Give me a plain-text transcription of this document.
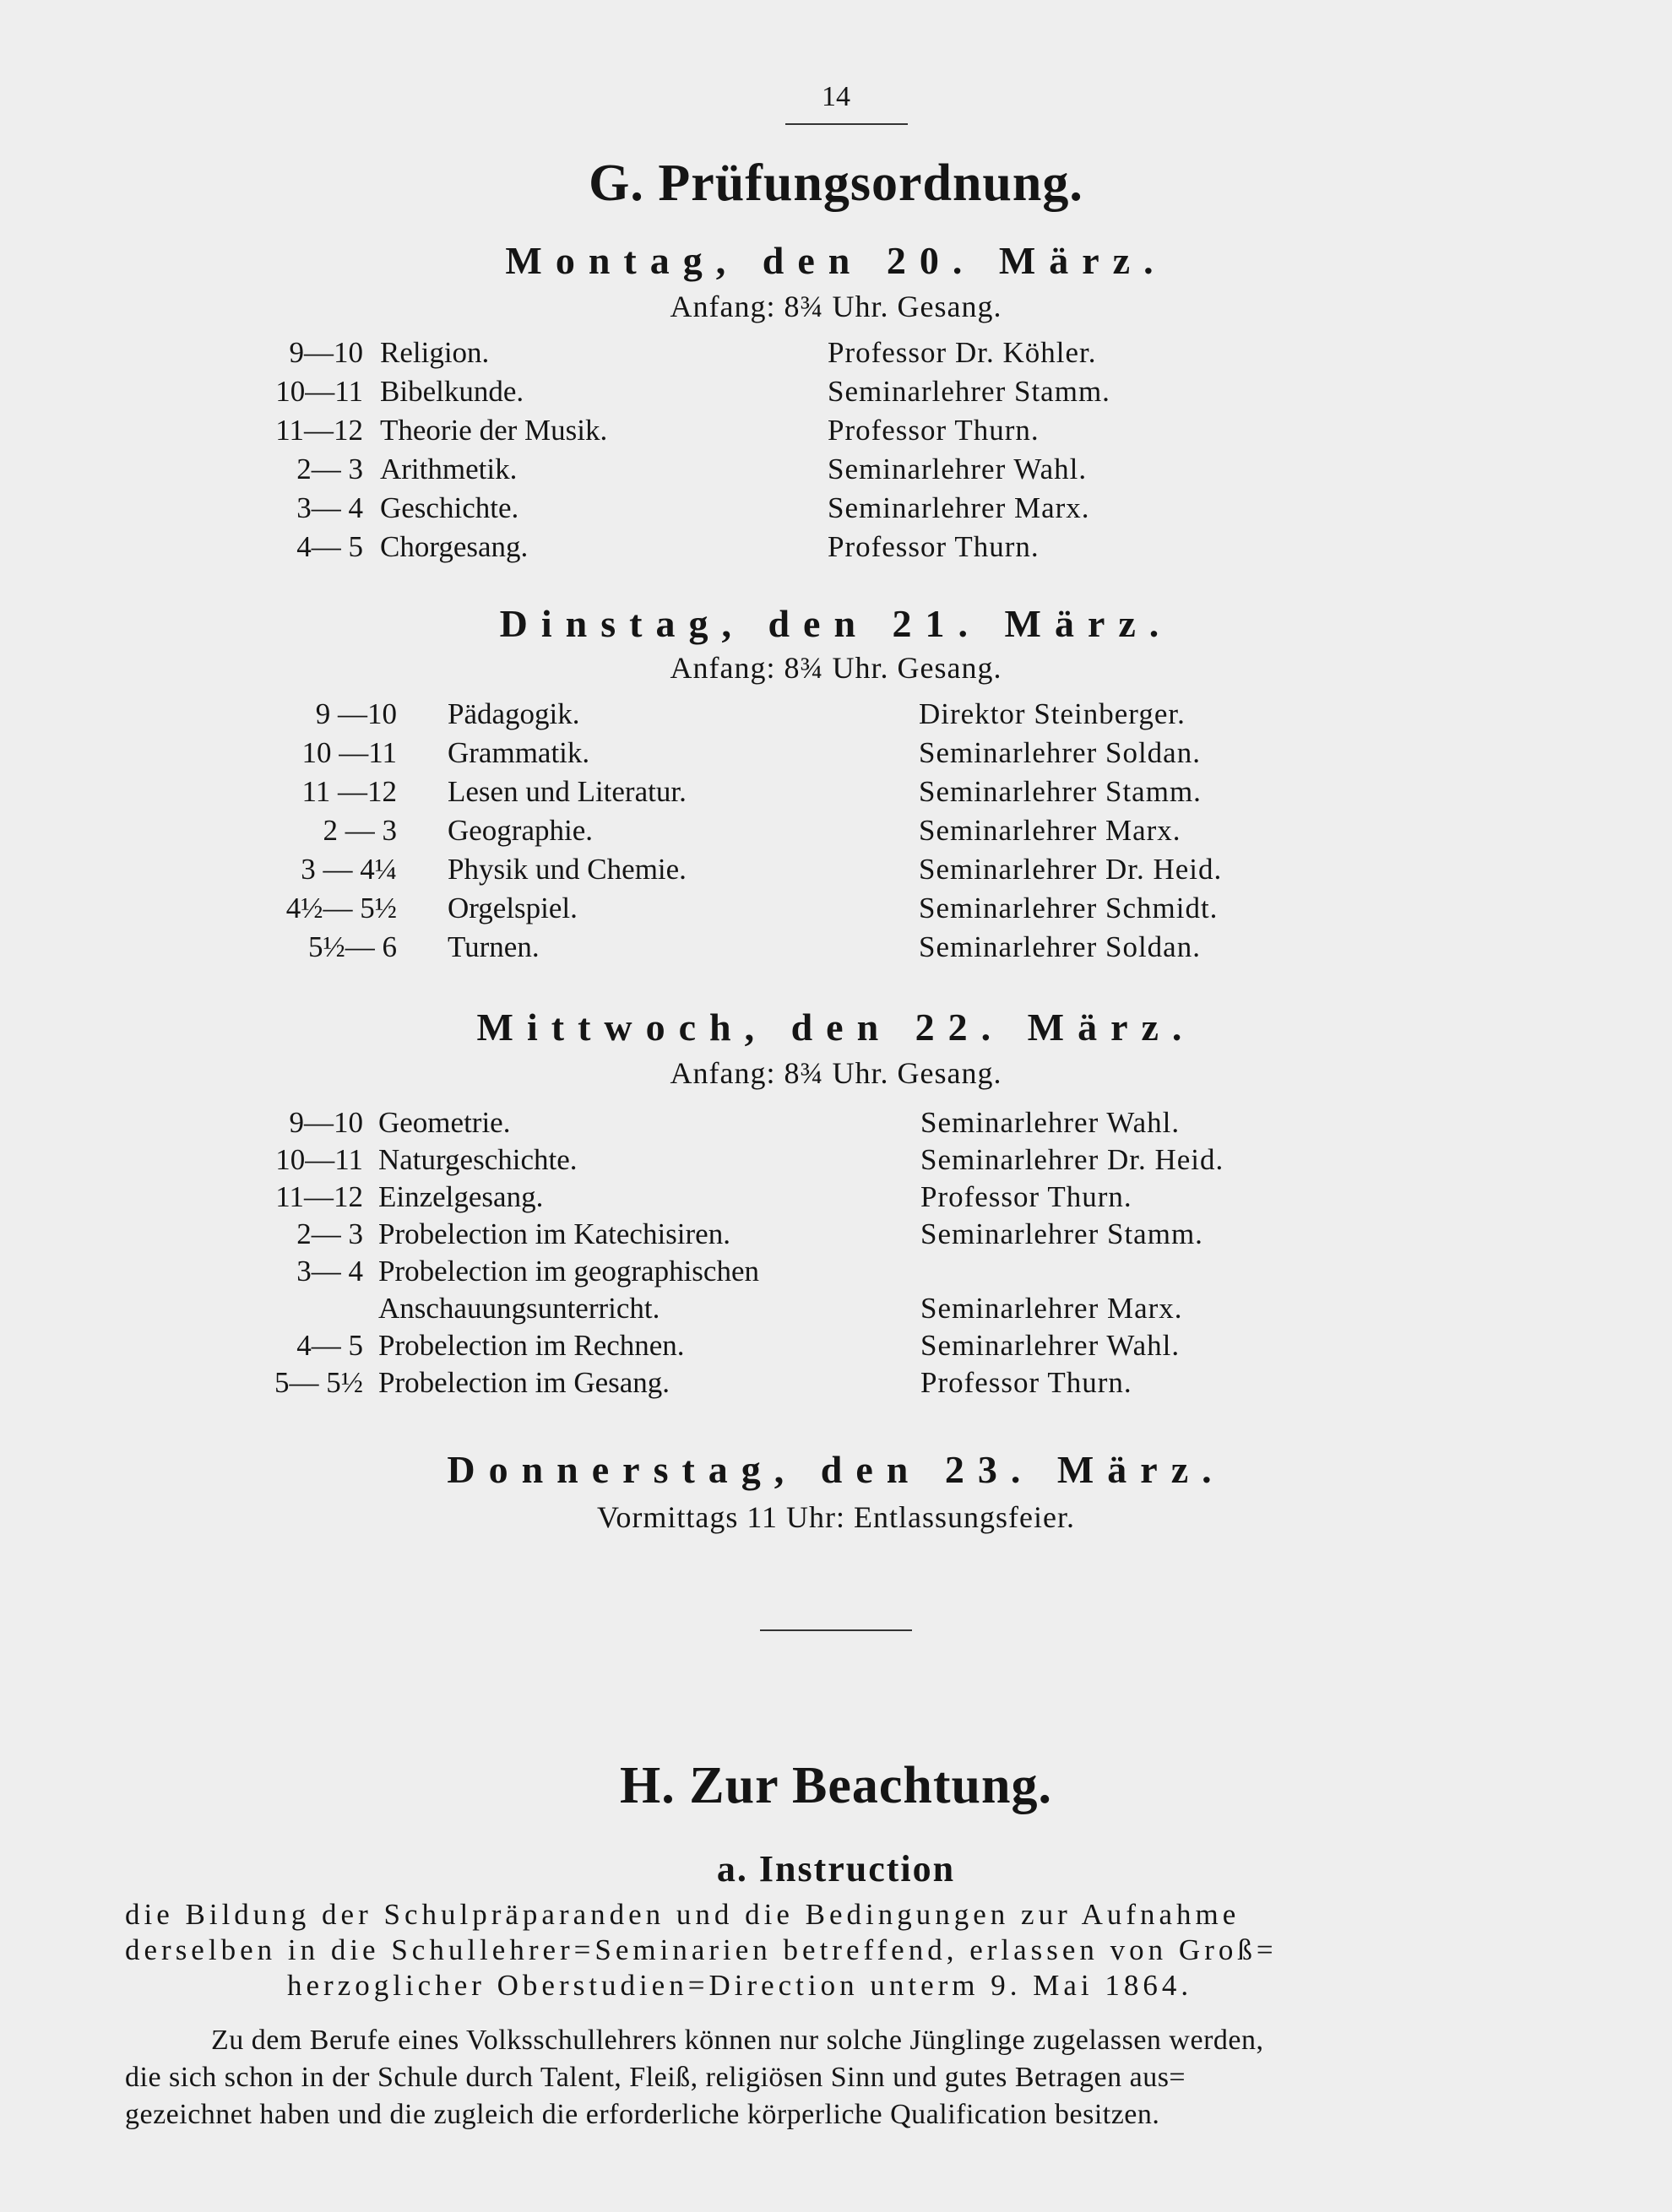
14
G. Prüfungsordnung.
Montag, den 20. März.
Anfang: 8¾ Uhr. Gesang.
9—10 Religion.	Professor Dr. Köhler.
10—11 Bibelkunde.	Seminarlehrer Stamm.
11—12 Theorie der Musik.	Professor Thurn.
2— 3 Arithmetik.	Seminarlehrer Wahl.
3— 4 Geschichte.	Seminarlehrer Marx.
4— 5 Chorgesang.	Professor Thurn.
Dinstag, den 21. März.
Anfang: 8¾ Uhr. Gesang.
9 —10 Pädagogik.	Direktor Steinberger.
10 —11 Grammatik.	Seminarlehrer Soldan.
11 —12 Lesen und Literatur.	Seminarlehrer Stamm.
2 — 3 Geographie.	Seminarlehrer Marx.
3 — 4¼ Physik und Chemie.	Seminarlehrer Dr. Heid.
4½— 5½ Orgelspiel.	Seminarlehrer Schmidt.
5½— 6 Turnen.	Seminarlehrer Soldan.
Mittwoch, den 22. März.
Anfang: 8¾ Uhr. Gesang.
9—10 Geometrie.	Seminarlehrer Wahl.
10—11 Naturgeschichte.	Seminarlehrer Dr. Heid.
11—12 Einzelgesang.	Professor Thurn.
2— 3 Probelection im Katechisiren.	Seminarlehrer Stamm.
3— 4 Probelection im geographischen
Anschauungsunterricht.	Seminarlehrer Marx.
4— 5 Probelection im Rechnen.	Seminarlehrer Wahl.
5— 5½ Probelection im Gesang.	Professor Thurn.
Donnerstag, den 23. März.
Vormittags 11 Uhr: Entlassungsfeier.
H. Zur Beachtung.
a. Instruction
die Bildung der Schulpräparanden und die Bedingungen zur Aufnahme
derselben in die Schullehrer=Seminarien betreffend, erlassen von Groß=
herzoglicher Oberstudien=Direction unterm 9. Mai 1864.
Zu dem Berufe eines Volksschullehrers können nur solche Jünglinge zugelassen werden,
die sich schon in der Schule durch Talent, Fleiß, religiösen Sinn und gutes Betragen aus=
gezeichnet haben und die zugleich die erforderliche körperliche Qualification besitzen.
